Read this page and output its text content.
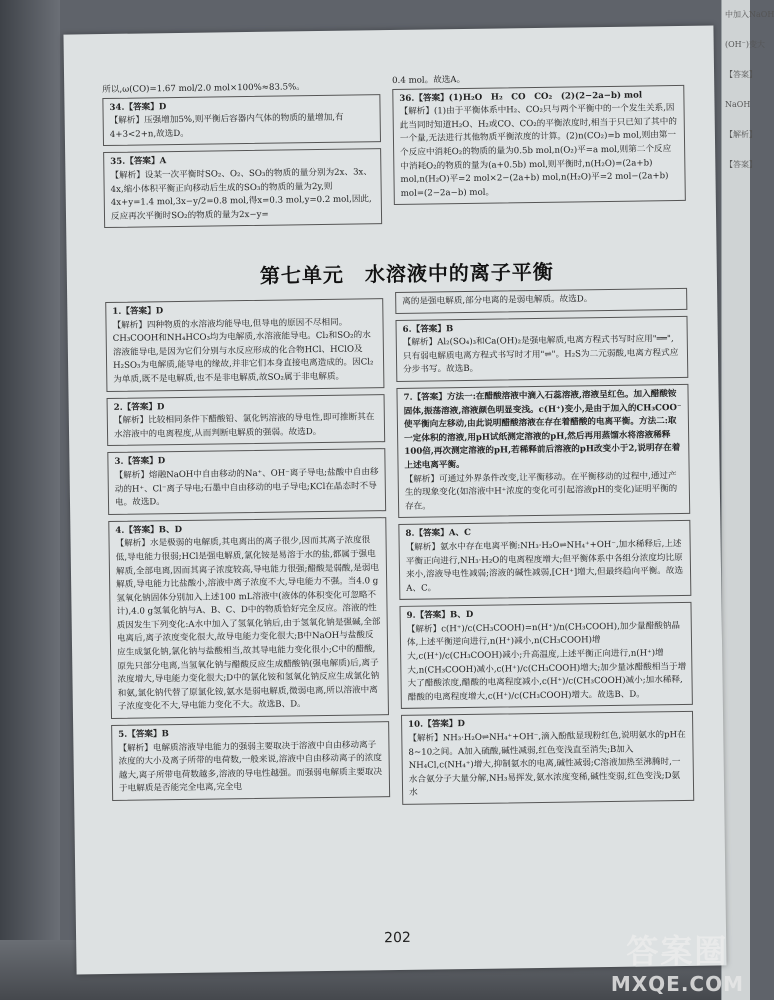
中加入NaOH
(OH⁻)变大
【答案】
NaOH
【解析】
【答案】
所以,ω(CO)=1.67 mol/2.0 mol×100%≈83.5%。
34.【答案】D
【解析】压强增加5%,则平衡后容器内气体的物质的量增加,有4+3<2+n,故选D。
35.【答案】A
【解析】设某一次平衡时SO₂、O₂、SO₃的物质的量分别为2x、3x、4x,缩小体积平衡正向移动后生成的SO₃的物质的量为2y,则4x+y=1.4 mol,3x−y/2=0.8 mol,得x=0.3 mol,y=0.2 mol,因此,反应再次平衡时SO₂的物质的量为2x−y=
0.4 mol。故选A。
36.【答案】(1)H₂O　H₂　CO　CO₂　(2)(2−2a−b) mol
【解析】(1)由于平衡体系中H₂、CO₂只与两个平衡中的一个发生关系,因此当同时知道H₂O、H₂或CO、CO₂的平衡浓度时,相当于只已知了其中的一个量,无法进行其他物质平衡浓度的计算。(2)n(CO₂)=b mol,则由第一个反应中消耗O₂的物质的量为0.5b mol,n(O₂)平=a mol,则第二个反应中消耗O₂的物质的量为(a+0.5b) mol,则平衡时,n(H₂O)=(2a+b) mol,n(H₂O)平=2 mol×2−(2a+b) mol,n(H₂O)平=2 mol−(2a+b) mol=(2−2a−b) mol。
第七单元　水溶液中的离子平衡
1.【答案】D
【解析】四种物质的水溶液均能导电,但导电的原因不尽相同。CH₃COOH和NH₄HCO₃均为电解质,水溶液能导电。Cl₂和SO₂的水溶液能导电,是因为它们分别与水反应形成的化合物HCl、HClO及H₂SO₃为电解质,能导电的缘故,并非它们本身直接电离造成的。因Cl₂为单质,既不是电解质,也不是非电解质,故SO₂属于非电解质。
2.【答案】D
【解析】比较相同条件下醋酸铅、氯化钙溶液的导电性,即可推断其在水溶液中的电离程度,从而判断电解质的强弱。故选D。
3.【答案】D
【解析】熔融NaOH中自由移动的Na⁺、OH⁻离子导电;盐酸中自由移动的H⁺、Cl⁻离子导电;石墨中自由移动的电子导电;KCl在晶态时不导电。故选D。
4.【答案】B、D
【解析】水是极弱的电解质,其电离出的离子很少,因而其离子浓度很低,导电能力很弱;HCl是强电解质,氯化铵是易溶于水的盐,都属于强电解质,全部电离,因而其离子浓度较高,导电能力很强;醋酸是弱酸,是弱电解质,导电能力比盐酸小,溶液中离子浓度不大,导电能力不强。当4.0 g氢氧化钠固体分别加入上述100 mL溶液中(液体的体积变化可忽略不计),4.0 g氢氧化钠与A、B、C、D中的物质恰好完全反应。溶液的性质因发生下列变化:A水中加入了氢氧化钠后,由于氢氧化钠是强碱,全部电离后,离子浓度变化很大,故导电能力变化很大;B中NaOH与盐酸反应生成氯化钠,氯化钠与盐酸相当,故其导电能力变化很小;C中的醋酸,原先只部分电离,当氢氧化钠与醋酸反应生成醋酸钠(强电解质)后,离子浓度增大,导电能力变化很大;D中的氯化铵和氢氧化钠反应生成氯化钠和氨,氯化钠代替了原氯化铵,氨水是弱电解质,微弱电离,所以溶液中离子浓度变化不大,导电能力变化不大。故选B、D。
5.【答案】B
【解析】电解质溶液导电能力的强弱主要取决于溶液中自由移动离子浓度的大小及离子所带的电荷数,一般来说,溶液中自由移动离子的浓度越大,离子所带电荷数越多,溶液的导电性越强。而强弱电解质主要取决于电解质是否能完全电离,完全电
离的是强电解质,部分电离的是弱电解质。故选D。
6.【答案】B
【解析】Al₂(SO₄)₃和Ca(OH)₂是强电解质,电离方程式书写时应用"══",只有弱电解质电离方程式书写时才用"⇌"。H₂S为二元弱酸,电离方程式应分步书写。故选B。
7.【答案】方法一:在醋酸溶液中滴入石蕊溶液,溶液呈红色。加入醋酸铵固体,振荡溶液,溶液颜色明显变浅。c(H⁺)变小,是由于加入的CH₃COO⁻使平衡向左移动,由此说明醋酸溶液在存在着醋酸的电离平衡。方法二:取一定体积的溶液,用pH试纸测定溶液的pH,然后再用蒸馏水将溶液稀释100倍,再次测定溶液的pH,若稀释前后溶液的pH改变小于2,说明存在着上述电离平衡。
【解析】可通过外界条件改变,让平衡移动。在平衡移动的过程中,通过产生的现象变化(如溶液中H⁺浓度的变化可引起溶液pH的变化)证明平衡的存在。
8.【答案】A、C
【解析】氨水中存在电离平衡:NH₃·H₂O⇌NH₄⁺+OH⁻,加水稀释后,上述平衡正向进行,NH₃·H₂O的电离程度增大;但平衡体系中各组分浓度均比原来小,溶液导电性减弱;溶液的碱性减弱,[CH⁺]增大,但最终趋向平衡。故选A、C。
9.【答案】B、D
【解析】c(H⁺)/c(CH₃COOH)=n(H⁺)/n(CH₃COOH),加少量醋酸钠晶体,上述平衡逆向进行,n(H⁺)减小,n(CH₃COOH)增大,c(H⁺)/c(CH₃COOH)减小;升高温度,上述平衡正向进行,n(H⁺)增大,n(CH₃COOH)减小,c(H⁺)/c(CH₃COOH)增大;加少量冰醋酸相当于增大了醋酸浓度,醋酸的电离程度减小,c(H⁺)/c(CH₃COOH)减小;加水稀释,醋酸的电离程度增大,c(H⁺)/c(CH₃COOH)增大。故选B、D。
10.【答案】D
【解析】NH₃·H₂O⇌NH₄⁺+OH⁻,滴入酚酞显现粉红色,说明氨水的pH在8~10之间。A加入硫酸,碱性减弱,红色变浅直至消失;B加入NH₄Cl,c(NH₄⁺)增大,抑制氨水的电离,碱性减弱;C溶液加热至沸腾时,一水合氨分子大量分解,NH₃易挥发,氨水浓度变稀,碱性变弱,红色变浅;D氨水
202	答案圈
MXQE.COM
